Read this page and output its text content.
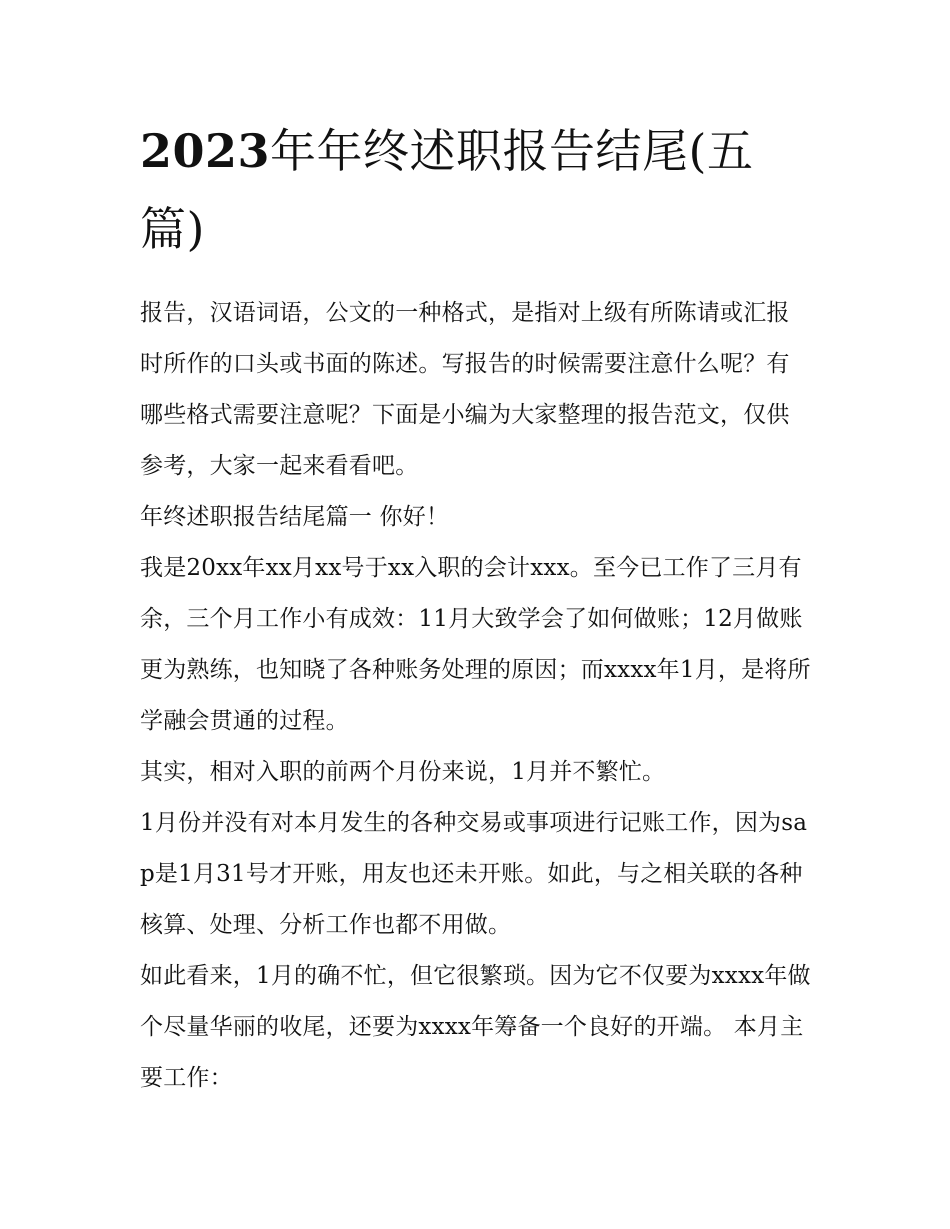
2023年年终述职报告结尾(五篇)

报告，汉语词语，公文的一种格式，是指对上级有所陈请或汇报时所作的口头或书面的陈述。写报告的时候需要注意什么呢？有哪些格式需要注意呢？下面是小编为大家整理的报告范文，仅供参考，大家一起来看看吧。

年终述职报告结尾篇一 你好！

我是20xx年xx月xx号于xx入职的会计xxx。至今已工作了三月有余，三个月工作小有成效：11月大致学会了如何做账；12月做账更为熟练，也知晓了各种账务处理的原因；而xxxx年1月，是将所学融会贯通的过程。

其实，相对入职的前两个月份来说，1月并不繁忙。

1月份并没有对本月发生的各种交易或事项进行记账工作，因为sap是1月31号才开账，用友也还未开账。如此，与之相关联的各种核算、处理、分析工作也都不用做。

如此看来，1月的确不忙，但它很繁琐。因为它不仅要为xxxx年做个尽量华丽的收尾，还要为xxxx年筹备一个良好的开端。 本月主要工作：
